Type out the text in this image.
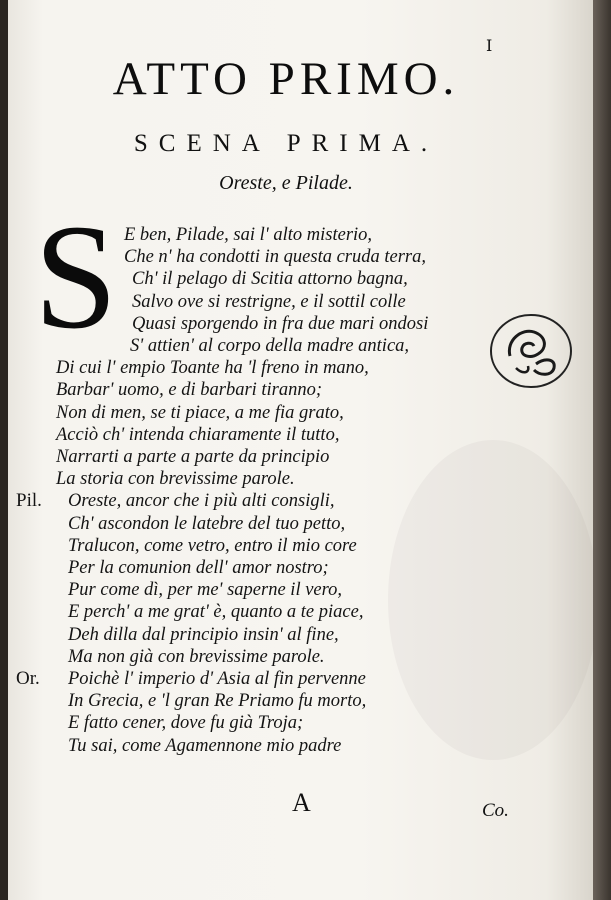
I
ATTO PRIMO.
SCENA PRIMA.
Oreste, e Pilade.
S E ben, Pilade, sai l' alto misterio,
Che n' ha condotti in questa cruda terra,
Ch' il pelago di Scitia attorno bagna,
Salvo ove si restrigne, e il sottil colle
Quasi sporgendo in fra due mari ondosi
S' attien' al corpo della madre antica,
Di cui l' empio Toante ha 'l freno in mano,
Barbar' uomo, e di barbari tiranno;
Non di men, se ti piace, a me fia grato,
Acciò ch' intenda chiaramente il tutto,
Narrarti a parte a parte da principio
La storia con brevissime parole.
Pil. Oreste, ancor che i più alti consigli,
Ch' ascondon le latebre del tuo petto,
Tralucon, come vetro, entro il mio core
Per la comunion dell' amor nostro;
Pur come dì, per me' saperne il vero,
E perch' a me grat' è, quanto a te piace,
Deh dilla dal principio insin' al fine,
Ma non già con brevissime parole.
Or. Poichè l' imperio d' Asia al fin pervenne
In Grecia, e 'l gran Re Priamo fu morto,
E fatto cener, dove fu già Troja;
Tu sai, come Agamennone mio padre
A	Co.
